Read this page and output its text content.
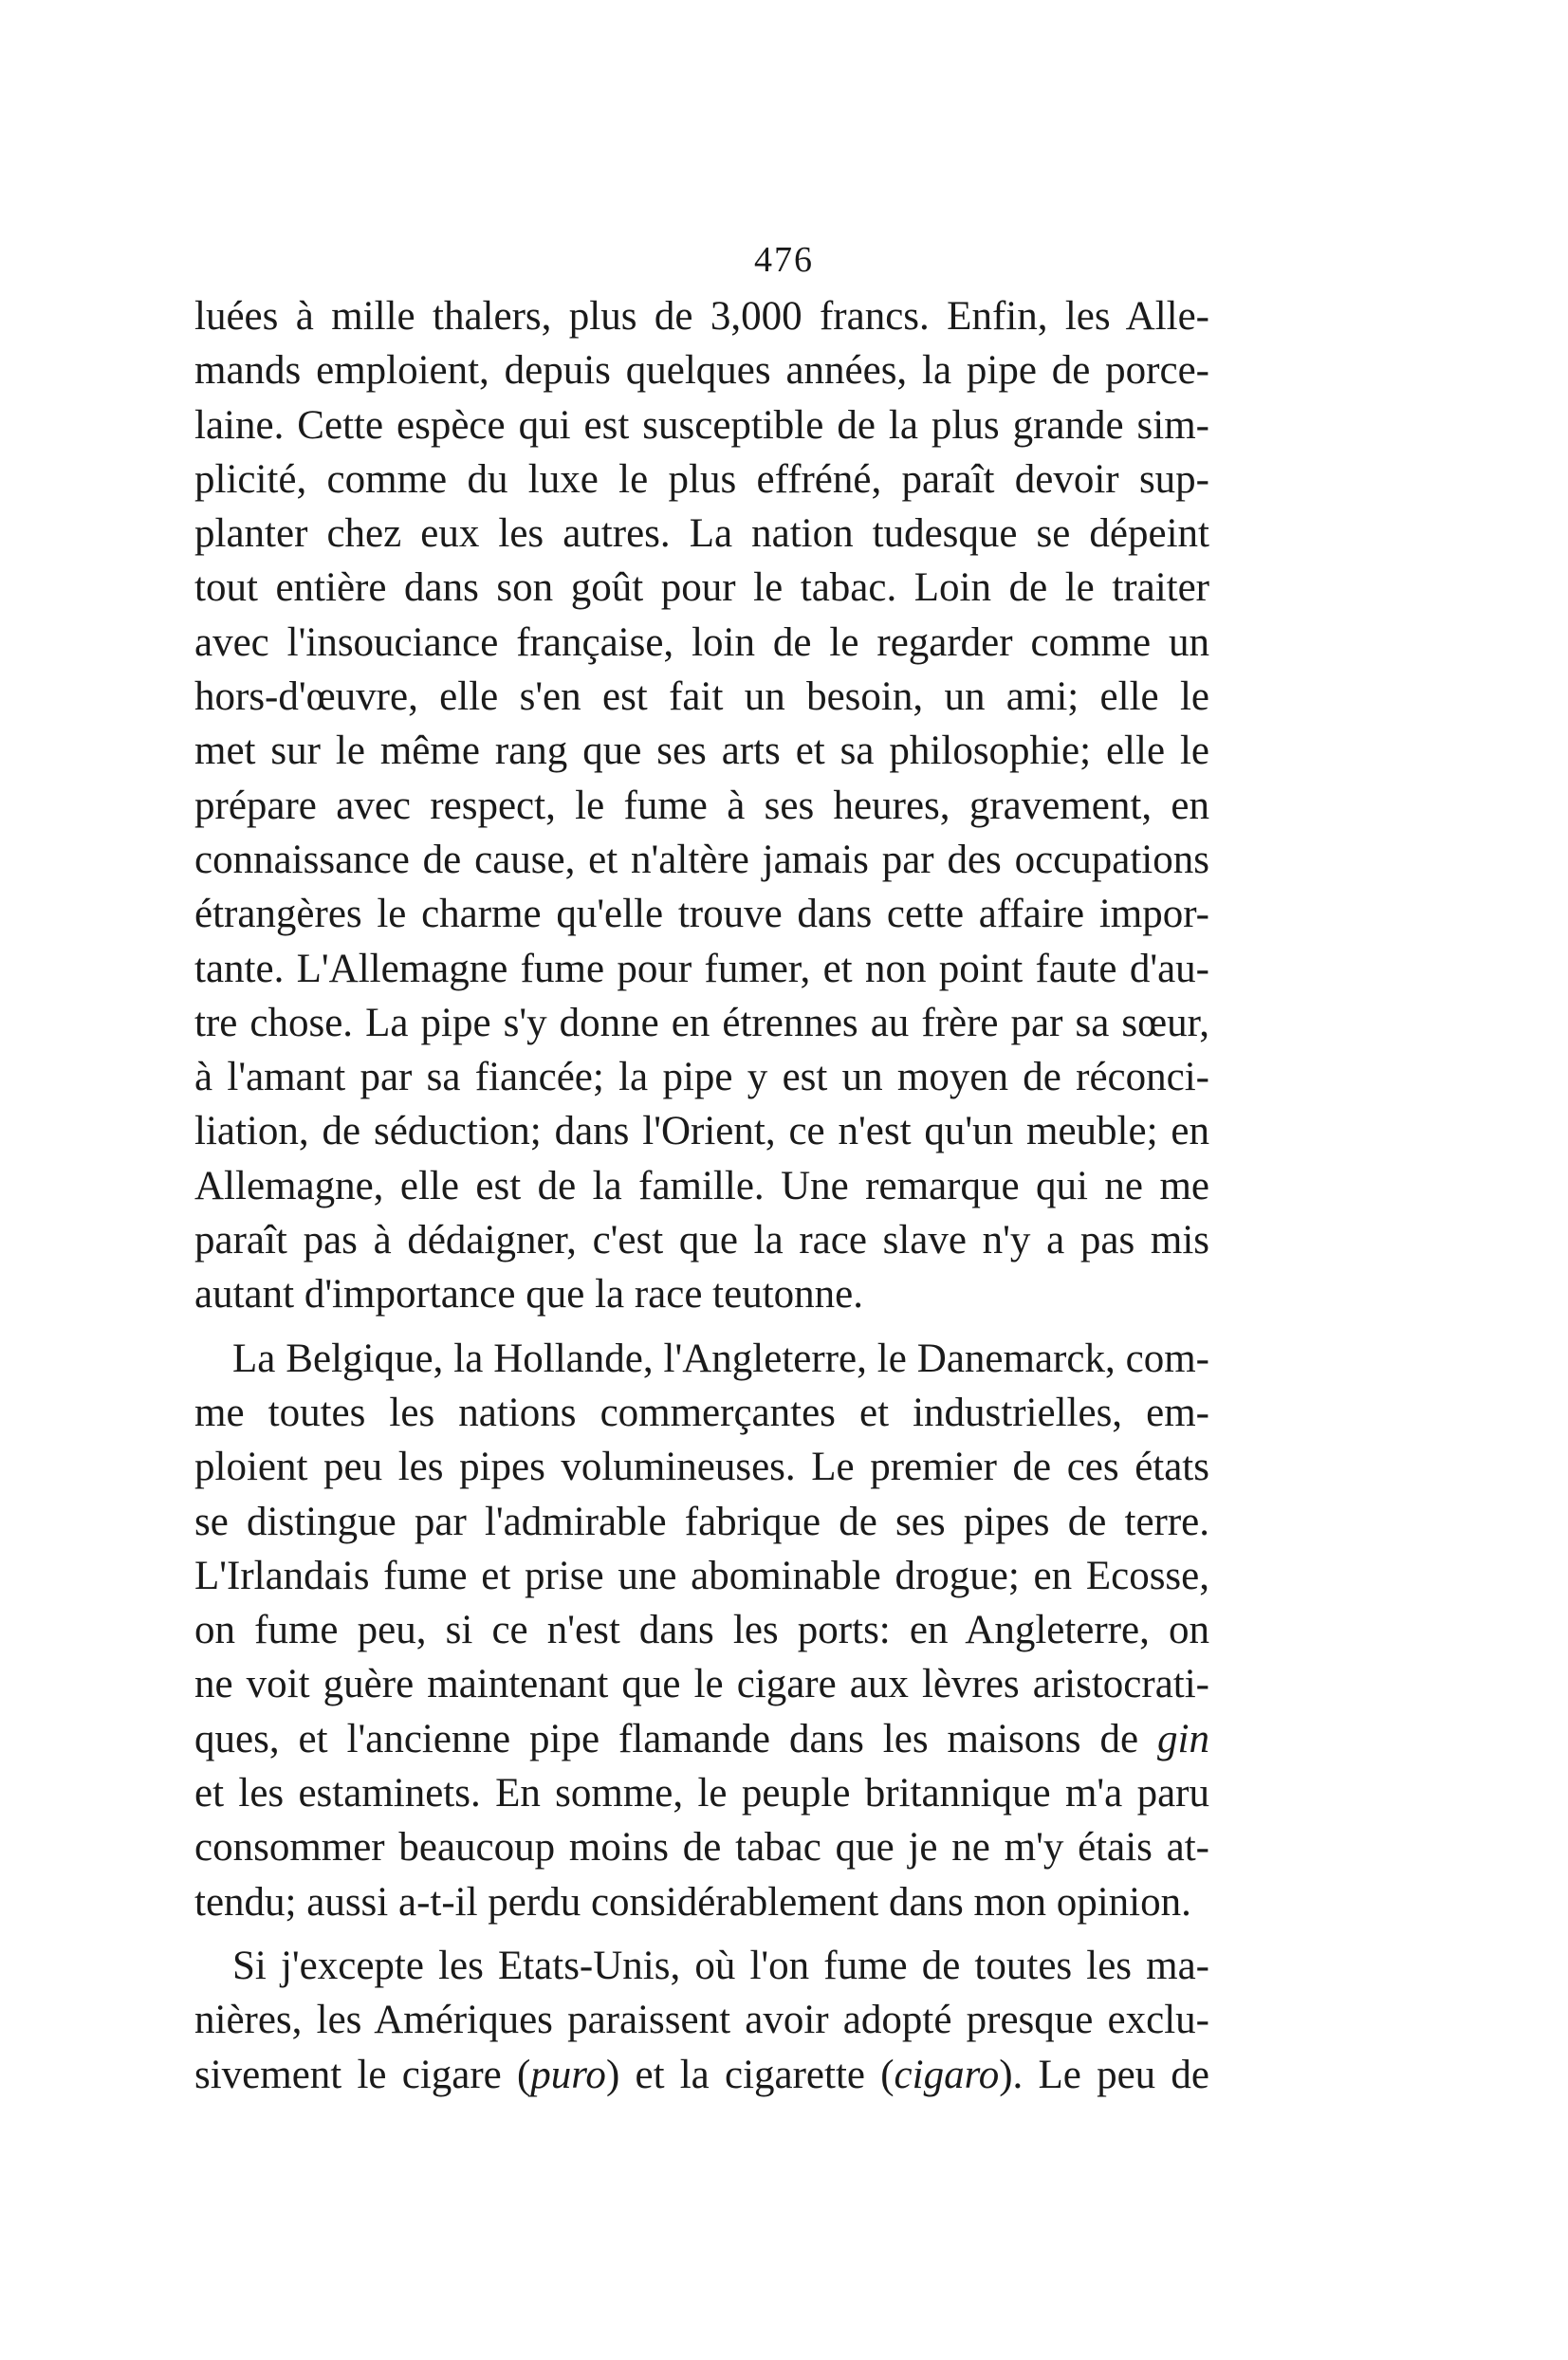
476
luées à mille thalers, plus de 3,000 francs. Enfin, les Alle-
mands emploient, depuis quelques années, la pipe de porce-
laine. Cette espèce qui est susceptible de la plus grande sim-
plicité, comme du luxe le plus effréné, paraît devoir sup-
planter chez eux les autres. La nation tudesque se dépeint
tout entière dans son goût pour le tabac. Loin de le traiter
avec l'insouciance française, loin de le regarder comme un
hors-d'œuvre, elle s'en est fait un besoin, un ami; elle le
met sur le même rang que ses arts et sa philosophie; elle le
prépare avec respect, le fume à ses heures, gravement, en
connaissance de cause, et n'altère jamais par des occupations
étrangères le charme qu'elle trouve dans cette affaire impor-
tante. L'Allemagne fume pour fumer, et non point faute d'au-
tre chose. La pipe s'y donne en étrennes au frère par sa sœur,
à l'amant par sa fiancée; la pipe y est un moyen de réconci-
liation, de séduction; dans l'Orient, ce n'est qu'un meuble; en
Allemagne, elle est de la famille. Une remarque qui ne me
paraît pas à dédaigner, c'est que la race slave n'y a pas mis
autant d'importance que la race teutonne.
La Belgique, la Hollande, l'Angleterre, le Danemarck, com-
me toutes les nations commerçantes et industrielles, em-
ploient peu les pipes volumineuses. Le premier de ces états
se distingue par l'admirable fabrique de ses pipes de terre.
L'Irlandais fume et prise une abominable drogue; en Ecosse,
on fume peu, si ce n'est dans les ports: en Angleterre, on
ne voit guère maintenant que le cigare aux lèvres aristocrati-
ques, et l'ancienne pipe flamande dans les maisons de gin
et les estaminets. En somme, le peuple britannique m'a paru
consommer beaucoup moins de tabac que je ne m'y étais at-
tendu; aussi a-t-il perdu considérablement dans mon opinion.
Si j'excepte les Etats-Unis, où l'on fume de toutes les ma-
nières, les Amériques paraissent avoir adopté presque exclu-
sivement le cigare (puro) et la cigarette (cigaro). Le peu de
